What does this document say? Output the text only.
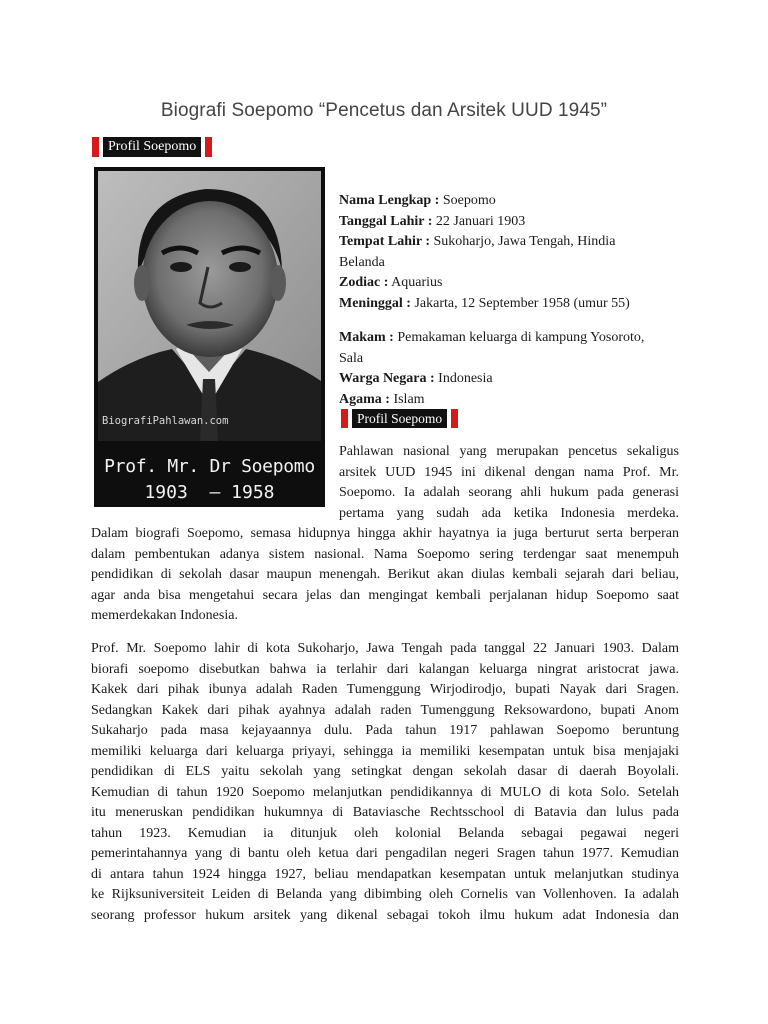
Biografi Soepomo “Pencetus dan Arsitek UUD 1945”
Profil Soepomo
BiografiPahlawan.com
Prof. Mr. Dr Soepomo
1903  – 1958

Nama Lengkap : Soepomo

Tanggal Lahir : 22 Januari 1903

Tempat Lahir : Sukoharjo, Jawa Tengah, Hindia
Belanda

Zodiac : Aquarius

Meninggal : Jakarta, 12 September 1958 (umur 55)

Makam : Pemakaman keluarga di kampung Yosoroto,
Sala

Warga Negara : Indonesia

Agama : Islam

Profil Soepomo
Pahlawan nasional yang merupakan pencetus sekaligus
arsitek UUD 1945 ini dikenal dengan nama Prof. Mr.
Soepomo. Ia adalah seorang ahli hukum pada generasi
pertama yang sudah ada ketika Indonesia merdeka.
Dalam biografi Soepomo, semasa hidupnya hingga akhir hayatnya ia juga berturut serta berperan
dalam pembentukan adanya sistem nasional. Nama Soepomo sering terdengar saat menempuh
pendidikan di sekolah dasar maupun menengah. Berikut akan diulas kembali sejarah dari beliau,
agar anda bisa mengetahui secara jelas dan mengingat kembali perjalanan hidup Soepomo saat
memerdekakan Indonesia.
Prof. Mr. Soepomo lahir di kota Sukoharjo, Jawa Tengah pada tanggal 22 Januari 1903. Dalam
biorafi soepomo disebutkan bahwa ia terlahir dari kalangan keluarga ningrat aristocrat jawa.
Kakek dari pihak ibunya adalah Raden Tumenggung Wirjodirodjo, bupati Nayak dari Sragen.
Sedangkan Kakek dari pihak ayahnya adalah raden Tumenggung Reksowardono, bupati Anom
Sukaharjo pada masa kejayaannya dulu. Pada tahun 1917 pahlawan Soepomo beruntung
memiliki keluarga dari keluarga priyayi, sehingga ia memiliki kesempatan untuk bisa menjajaki
pendidikan di ELS yaitu sekolah yang setingkat dengan sekolah dasar di daerah Boyolali.
Kemudian di tahun 1920 Soepomo melanjutkan pendidikannya di MULO di kota Solo. Setelah
itu meneruskan pendidikan hukumnya di Bataviasche Rechtsschool di Batavia dan lulus pada
tahun 1923. Kemudian ia ditunjuk oleh kolonial Belanda sebagai pegawai negeri
pemerintahannya yang di bantu oleh ketua dari pengadilan negeri Sragen tahun 1977. Kemudian
di antara tahun 1924 hingga 1927, beliau mendapatkan kesempatan untuk melanjutkan studinya
ke Rijksuniversiteit Leiden di Belanda yang dibimbing oleh Cornelis van Vollenhoven. Ia adalah
seorang professor hukum arsitek yang dikenal sebagai tokoh ilmu hukum adat Indonesia dan
